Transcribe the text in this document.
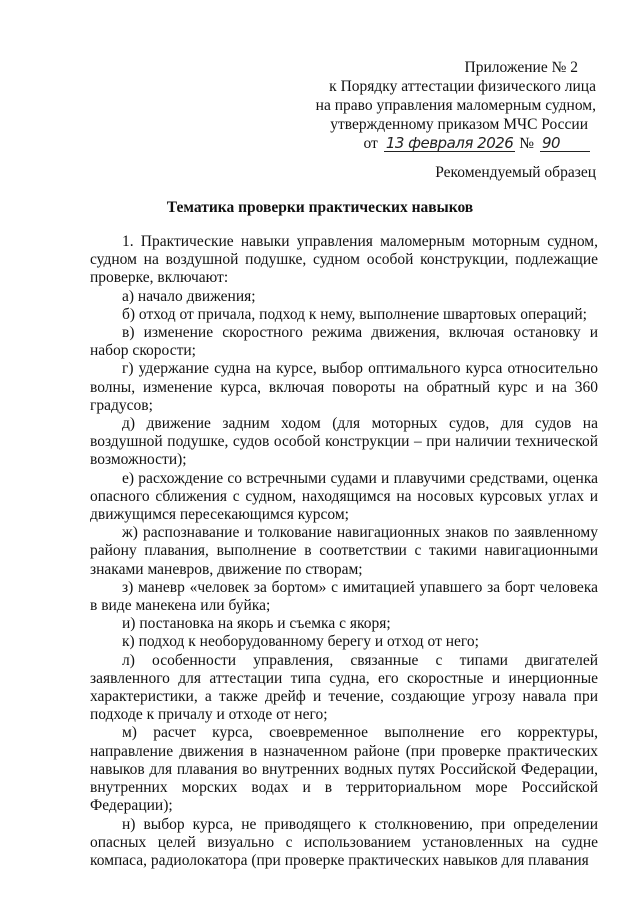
Приложение № 2
к Порядку аттестации физического лица
на право управления маломерным судном,
утвержденному приказом МЧС России
от 13 февраля 2026 № 90
Рекомендуемый образец
Тематика проверки практических навыков

1. Практические навыки управления маломерным моторным судном, судном на воздушной подушке, судном особой конструкции, подлежащие проверке, включают:

а) начало движения;

б) отход от причала, подход к нему, выполнение швартовых операций;

в) изменение скоростного режима движения, включая остановку и набор скорости;

г) удержание судна на курсе, выбор оптимального курса относительно волны, изменение курса, включая повороты на обратный курс и на 360 градусов;

д) движение задним ходом (для моторных судов, для судов на воздушной подушке, судов особой конструкции – при наличии технической возможности);

е) расхождение со встречными судами и плавучими средствами, оценка опасного сближения с судном, находящимся на носовых курсовых углах и движущимся пересекающимся курсом;

ж) распознавание и толкование навигационных знаков по заявленному району плавания, выполнение в соответствии с такими навигационными знаками маневров, движение по створам;

з) маневр «человек за бортом» с имитацией упавшего за борт человека в виде манекена или буйка;

и) постановка на якорь и съемка с якоря;

к) подход к необорудованному берегу и отход от него;

л) особенности управления, связанные с типами двигателей заявленного для аттестации типа судна, его скоростные и инерционные характеристики, а также дрейф и течение, создающие угрозу навала при подходе к причалу и отходе от него;

м) расчет курса, своевременное выполнение его корректуры, направление движения в назначенном районе (при проверке практических навыков для плавания во внутренних водных путях Российской Федерации, внутренних морских водах и в территориальном море Российской Федерации);

н) выбор курса, не приводящего к столкновению, при определении опасных целей визуально с использованием установленных на судне компаса, радиолокатора (при проверке практических навыков для плавания
